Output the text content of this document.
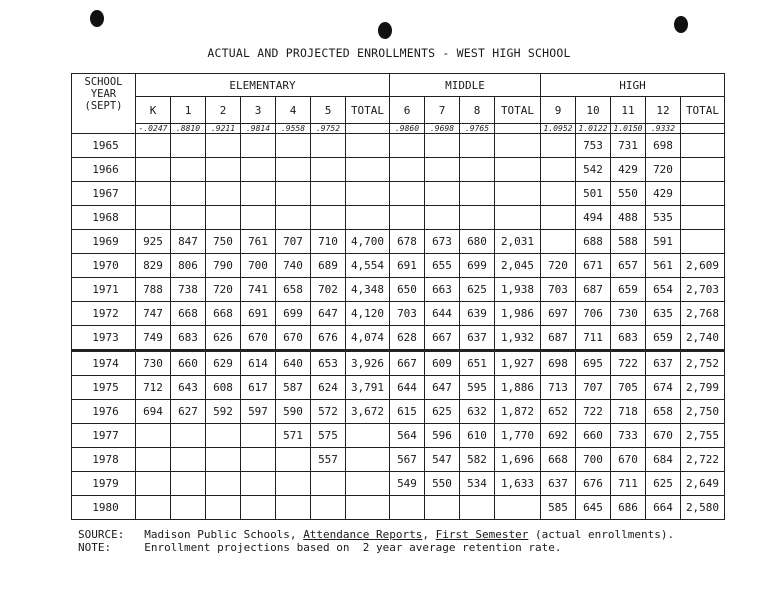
ACTUAL AND PROJECTED ENROLLMENTS - WEST HIGH SCHOOL
SCHOOL
YEAR
(SEPT)	ELEMENTARY							MIDDLE				HIGH				
	K	1	2	3	4	5	TOTAL	6	7	8	TOTAL	9	10	11	12	TOTAL
	-.0247	.8810	.9211	.9814	.9558	.9752		.9860	.9698	.9765		1.0952	1.0122	1.0150	.9332	
1965													753	731	698	
1966													542	429	720	
1967													501	550	429	
1968													494	488	535	
1969	925	847	750	761	707	710	4,700	678	673	680	2,031		688	588	591	
1970	829	806	790	700	740	689	4,554	691	655	699	2,045	720	671	657	561	2,609
1971	788	738	720	741	658	702	4,348	650	663	625	1,938	703	687	659	654	2,703
1972	747	668	668	691	699	647	4,120	703	644	639	1,986	697	706	730	635	2,768
1973	749	683	626	670	670	676	4,074	628	667	637	1,932	687	711	683	659	2,740
1974	730	660	629	614	640	653	3,926	667	609	651	1,927	698	695	722	637	2,752
1975	712	643	608	617	587	624	3,791	644	647	595	1,886	713	707	705	674	2,799
1976	694	627	592	597	590	572	3,672	615	625	632	1,872	652	722	718	658	2,750
1977					571	575		564	596	610	1,770	692	660	733	670	2,755
1978						557		567	547	582	1,696	668	700	670	684	2,722
1979								549	550	534	1,633	637	676	711	625	2,649
1980												585	645	686	664	2,580
SOURCE: Madison Public Schools, Attendance Reports, First Semester (actual enrollments).
NOTE:	Enrollment projections based on  2 year average retention rate.
